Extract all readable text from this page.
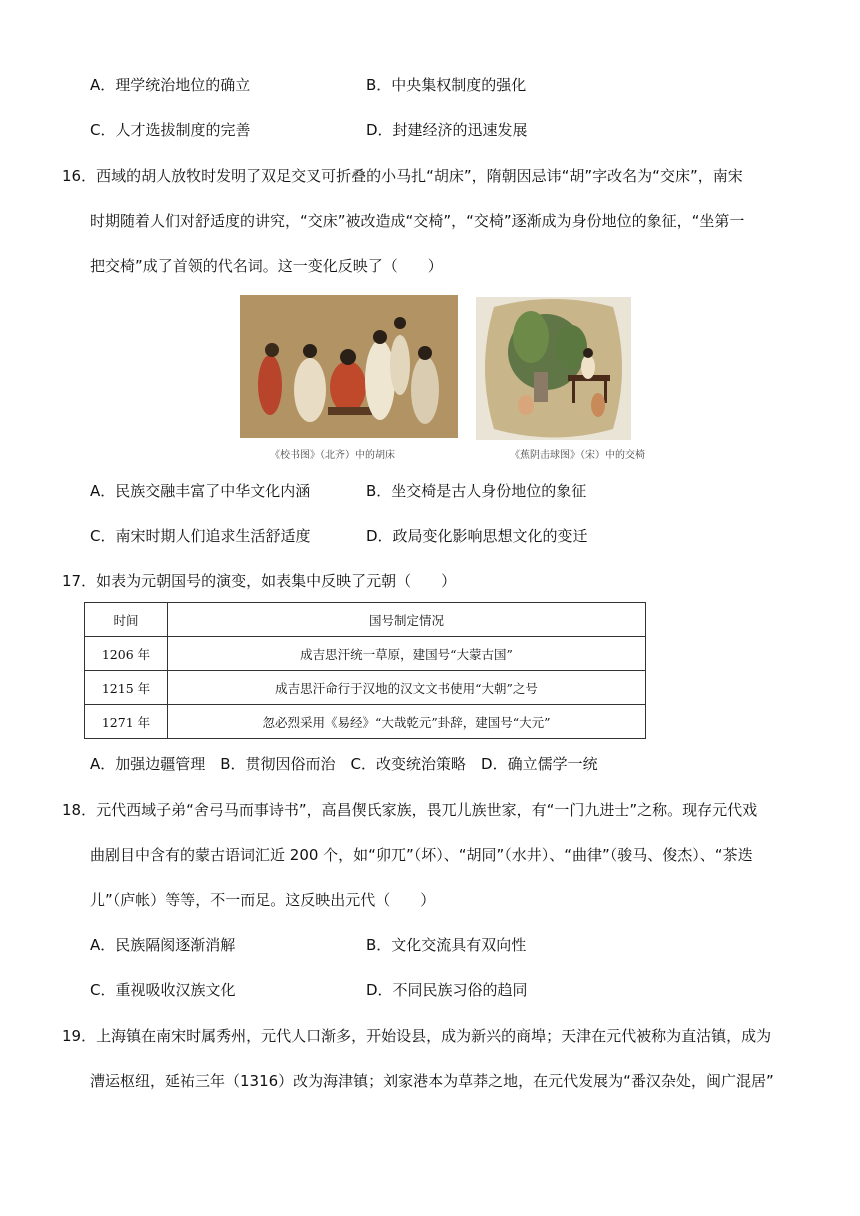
A．理学统治地位的确立	B．中央集权制度的强化
C．人才选拔制度的完善	D．封建经济的迅速发展
16．西域的胡人放牧时发明了双足交叉可折叠的小马扎“胡床”，隋朝因忌讳“胡”字改名为“交床”，南宋
时期随着人们对舒适度的讲究，“交床”被改造成“交椅”，“交椅”逐渐成为身份地位的象征，“坐第一
把交椅”成了首领的代名词。这一变化反映了（　　）
《校书图》（北齐）中的胡床	《蕉阴击球图》（宋）中的交椅
A．民族交融丰富了中华文化内涵	B．坐交椅是古人身份地位的象征
C．南宋时期人们追求生活舒适度	D．政局变化影响思想文化的变迁
17．如表为元朝国号的演变，如表集中反映了元朝（　　）
时间	国号制定情况
1206 年	成吉思汗统一草原，建国号“大蒙古国”
1215 年	成吉思汗命行于汉地的汉文文书使用“大朝”之号
1271 年	忽必烈采用《易经》“大哉乾元”卦辞，建国号“大元”
A．加强边疆管理　B．贯彻因俗而治　C．改变统治策略　D．确立儒学一统
18．元代西域子弟“舍弓马而事诗书”，高昌偰氏家族，畏兀儿族世家，有“一门九进士”之称。现存元代戏
曲剧目中含有的蒙古语词汇近 200 个，如“卯兀”（坏）、“胡同”（水井）、“曲律”（骏马、俊杰）、“茶迭
儿”（庐帐）等等，不一而足。这反映出元代（　　）
A．民族隔阂逐渐消解	B．文化交流具有双向性
C．重视吸收汉族文化	D．不同民族习俗的趋同
19．上海镇在南宋时属秀州，元代人口渐多，开始设县，成为新兴的商埠；天津在元代被称为直沽镇，成为
漕运枢纽，延祐三年（1316）改为海津镇；刘家港本为草莽之地，在元代发展为“番汉杂处，闽广混居”
